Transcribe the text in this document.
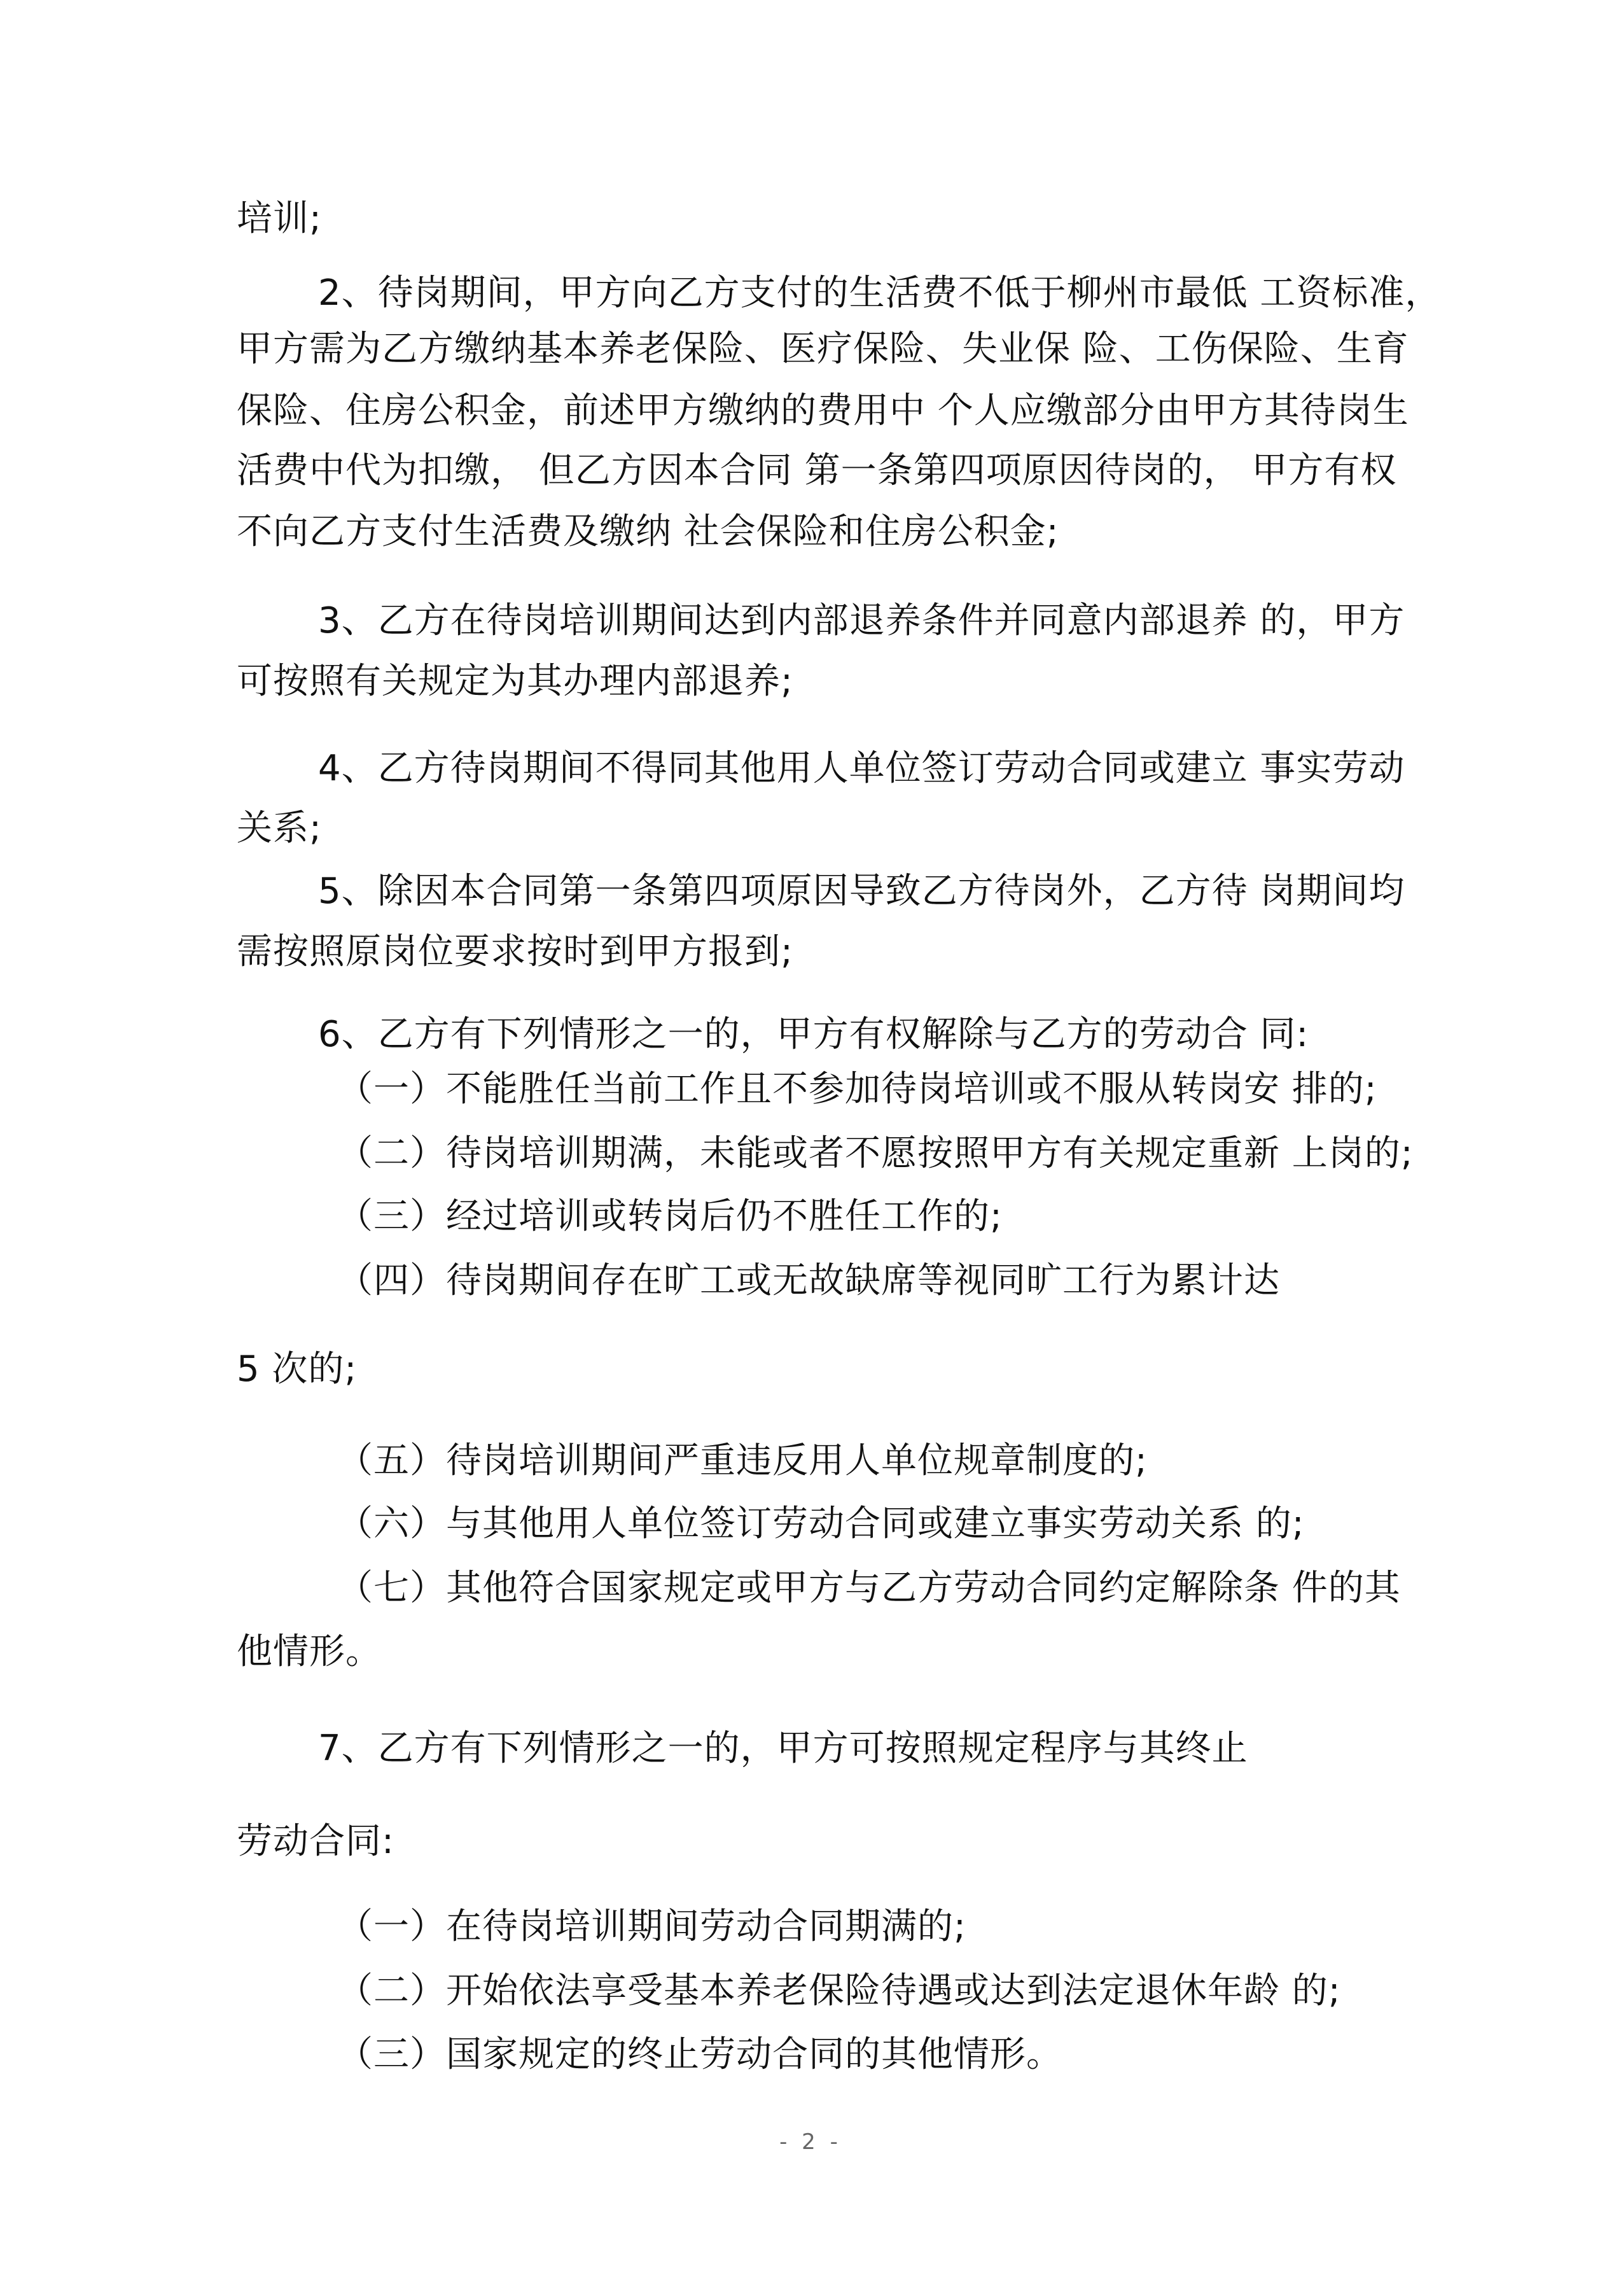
培训;
2、待岗期间，甲方向乙方支付的生活费不低于柳州市最低 工资标准，
甲方需为乙方缴纳基本养老保险、医疗保险、失业保 险、工伤保险、生育
保险、住房公积金，前述甲方缴纳的费用中 个人应缴部分由甲方其待岗生
活费中代为扣缴， 但乙方因本合同 第一条第四项原因待岗的， 甲方有权
不向乙方支付生活费及缴纳 社会保险和住房公积金;
3、乙方在待岗培训期间达到内部退养条件并同意内部退养 的，甲方
可按照有关规定为其办理内部退养;
4、乙方待岗期间不得同其他用人单位签订劳动合同或建立 事实劳动
关系;
5、除因本合同第一条第四项原因导致乙方待岗外，乙方待 岗期间均
需按照原岗位要求按时到甲方报到;
6、乙方有下列情形之一的，甲方有权解除与乙方的劳动合 同:
（一）不能胜任当前工作且不参加待岗培训或不服从转岗安 排的;
（二）待岗培训期满，未能或者不愿按照甲方有关规定重新 上岗的;
（三）经过培训或转岗后仍不胜任工作的;
（四）待岗期间存在旷工或无故缺席等视同旷工行为累计达
5 次的;
（五）待岗培训期间严重违反用人单位规章制度的;
（六）与其他用人单位签订劳动合同或建立事实劳动关系 的;
（七）其他符合国家规定或甲方与乙方劳动合同约定解除条 件的其
他情形。
7、乙方有下列情形之一的，甲方可按照规定程序与其终止
劳动合同:
（一）在待岗培训期间劳动合同期满的;
（二）开始依法享受基本养老保险待遇或达到法定退休年龄 的;
（三）国家规定的终止劳动合同的其他情形。
- 2 -
